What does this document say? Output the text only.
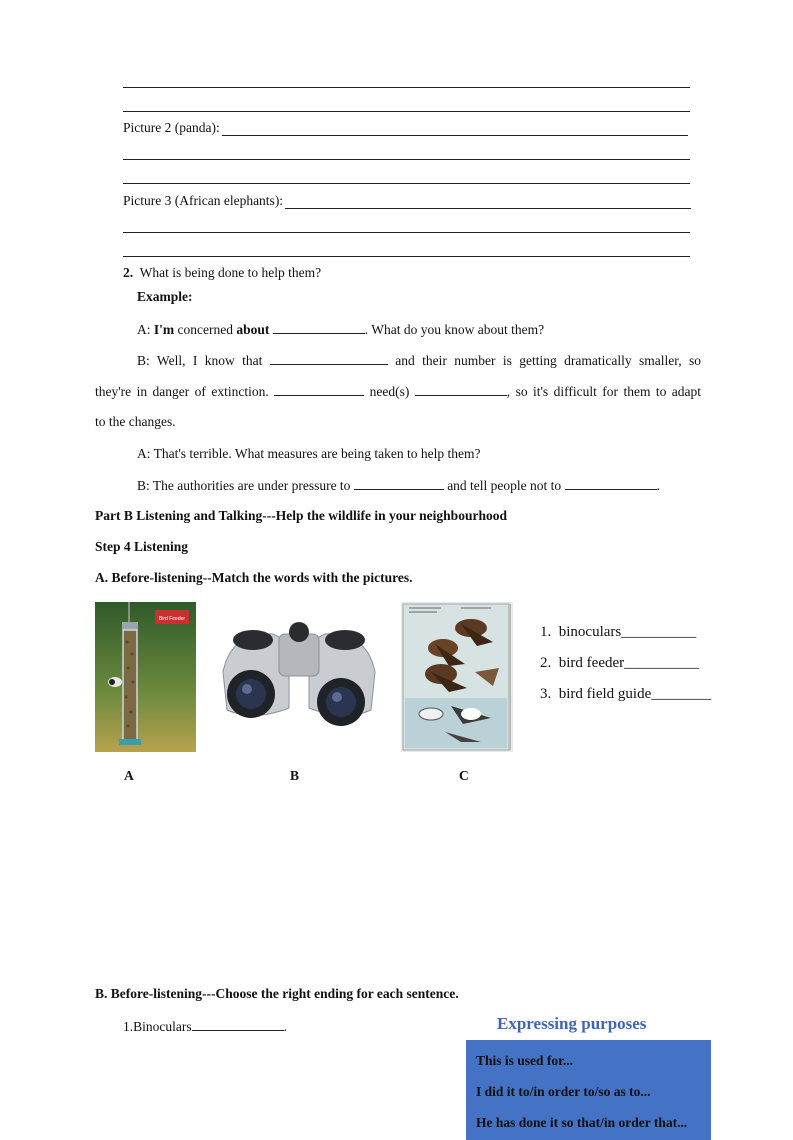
Picture 2 (panda):
Picture 3 (African elephants):
2. What is being done to help them?
Example:
A: I'm concerned about	. What do you know about them?
B: Well, I know that	and their number is getting dramatically smaller, so
they're in danger of extinction.	need(s)	, so it's difficult for them to adapt
to the changes.
A: That's terrible. What measures are being taken to help them?
B: The authorities are under pressure to	and tell people not to	.
Part B Listening and Talking---Help the wildlife in your neighbourhood
Step 4 Listening
A. Before-listening--Match the words with the pictures.
Bird Feeder
1. binoculars__________
2. bird feeder__________
3. bird field guide________
A	B	C
B. Before-listening---Choose the right ending for each sentence.
1.Binoculars	.	Expressing purposes
This is used for...
I did it to/in order to/so as to...
He has done it so that/in order that...
